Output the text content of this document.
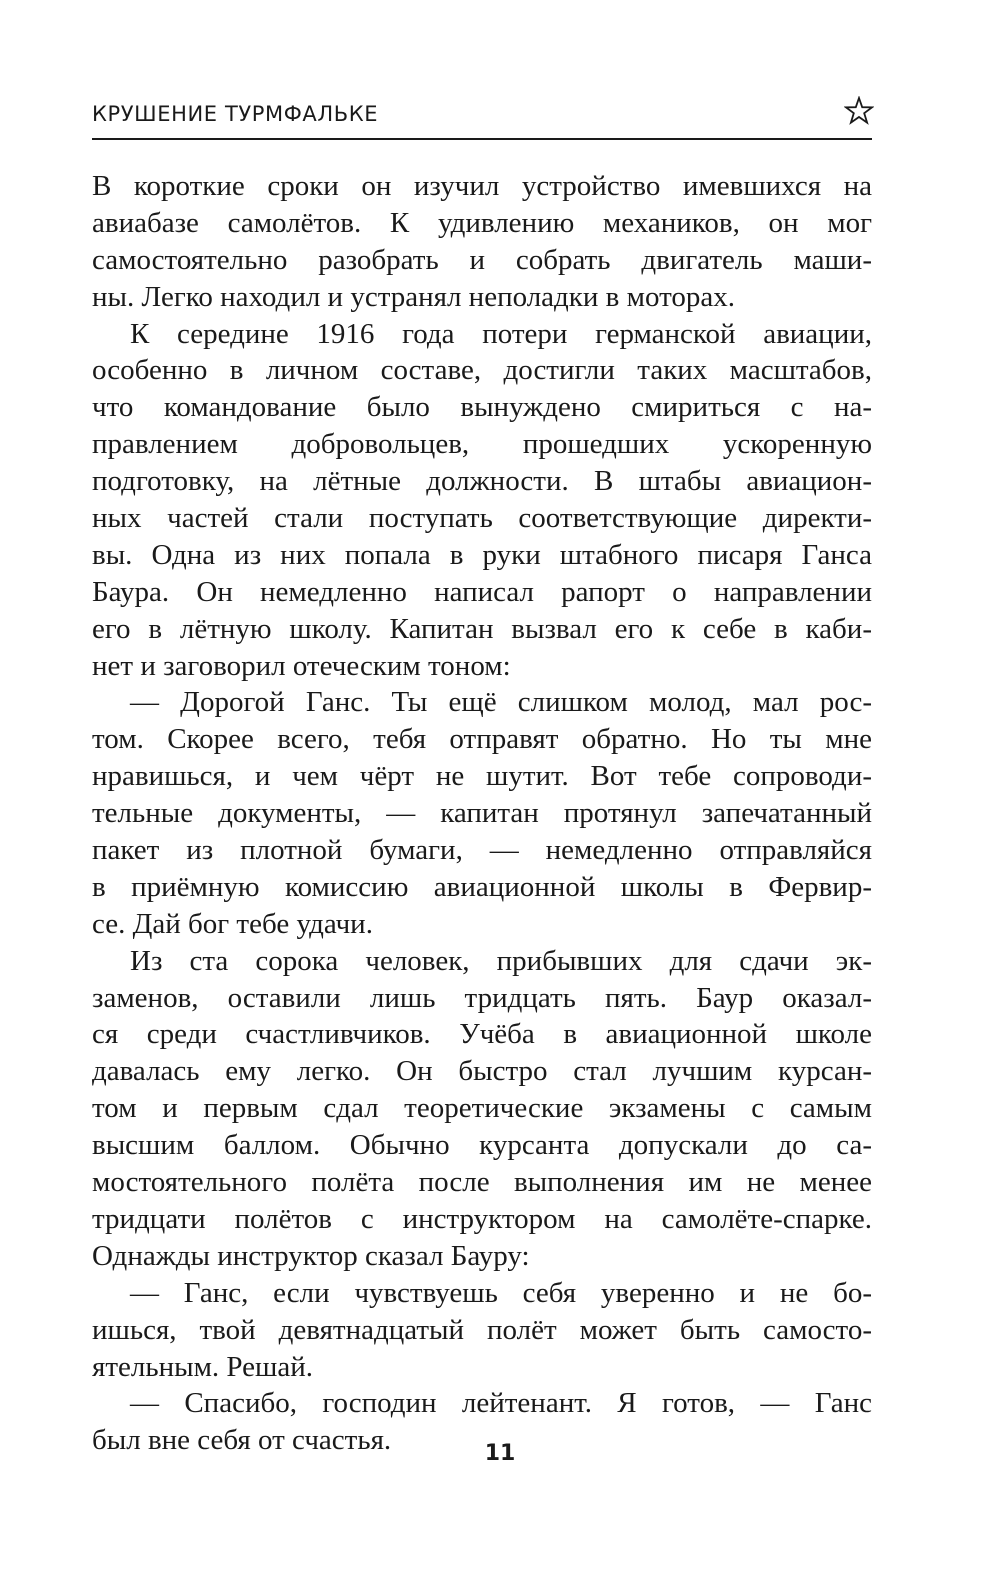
КРУШЕНИЕ ТУРМФАЛЬКЕ
В короткие сроки он изучил устройство имевшихся на
авиабазе самолётов. К удивлению механиков, он мог
самостоятельно разобрать и собрать двигатель маши-
ны. Легко находил и устранял неполадки в моторах.
К середине 1916 года потери германской авиации,
особенно в личном составе, достигли таких масштабов,
что командование было вынуждено смириться с на-
правлением добровольцев, прошедших ускоренную
подготовку, на лётные должности. В штабы авиацион-
ных частей стали поступать соответствующие директи-
вы. Одна из них попала в руки штабного писаря Ганса
Баура. Он немедленно написал рапорт о направлении
его в лётную школу. Капитан вызвал его к себе в каби-
нет и заговорил отеческим тоном:
— Дорогой Ганс. Ты ещё слишком молод, мал рос-
том. Скорее всего, тебя отправят обратно. Но ты мне
нравишься, и чем чёрт не шутит. Вот тебе сопроводи-
тельные документы, — капитан протянул запечатанный
пакет из плотной бумаги, — немедленно отправляйся
в приёмную комиссию авиационной школы в Фервир-
се. Дай бог тебе удачи.
Из ста сорока человек, прибывших для сдачи эк-
заменов, оставили лишь тридцать пять. Баур оказал-
ся среди счастливчиков. Учёба в авиационной школе
давалась ему легко. Он быстро стал лучшим курсан-
том и первым сдал теоретические экзамены с самым
высшим баллом. Обычно курсанта допускали до са-
мостоятельного полёта после выполнения им не менее
тридцати полётов с инструктором на самолёте-спарке.
Однажды инструктор сказал Бауру:
— Ганс, если чувствуешь себя уверенно и не бо-
ишься, твой девятнадцатый полёт может быть самосто-
ятельным. Решай.
— Спасибо, господин лейтенант. Я готов, — Ганс
был вне себя от счастья.	11
